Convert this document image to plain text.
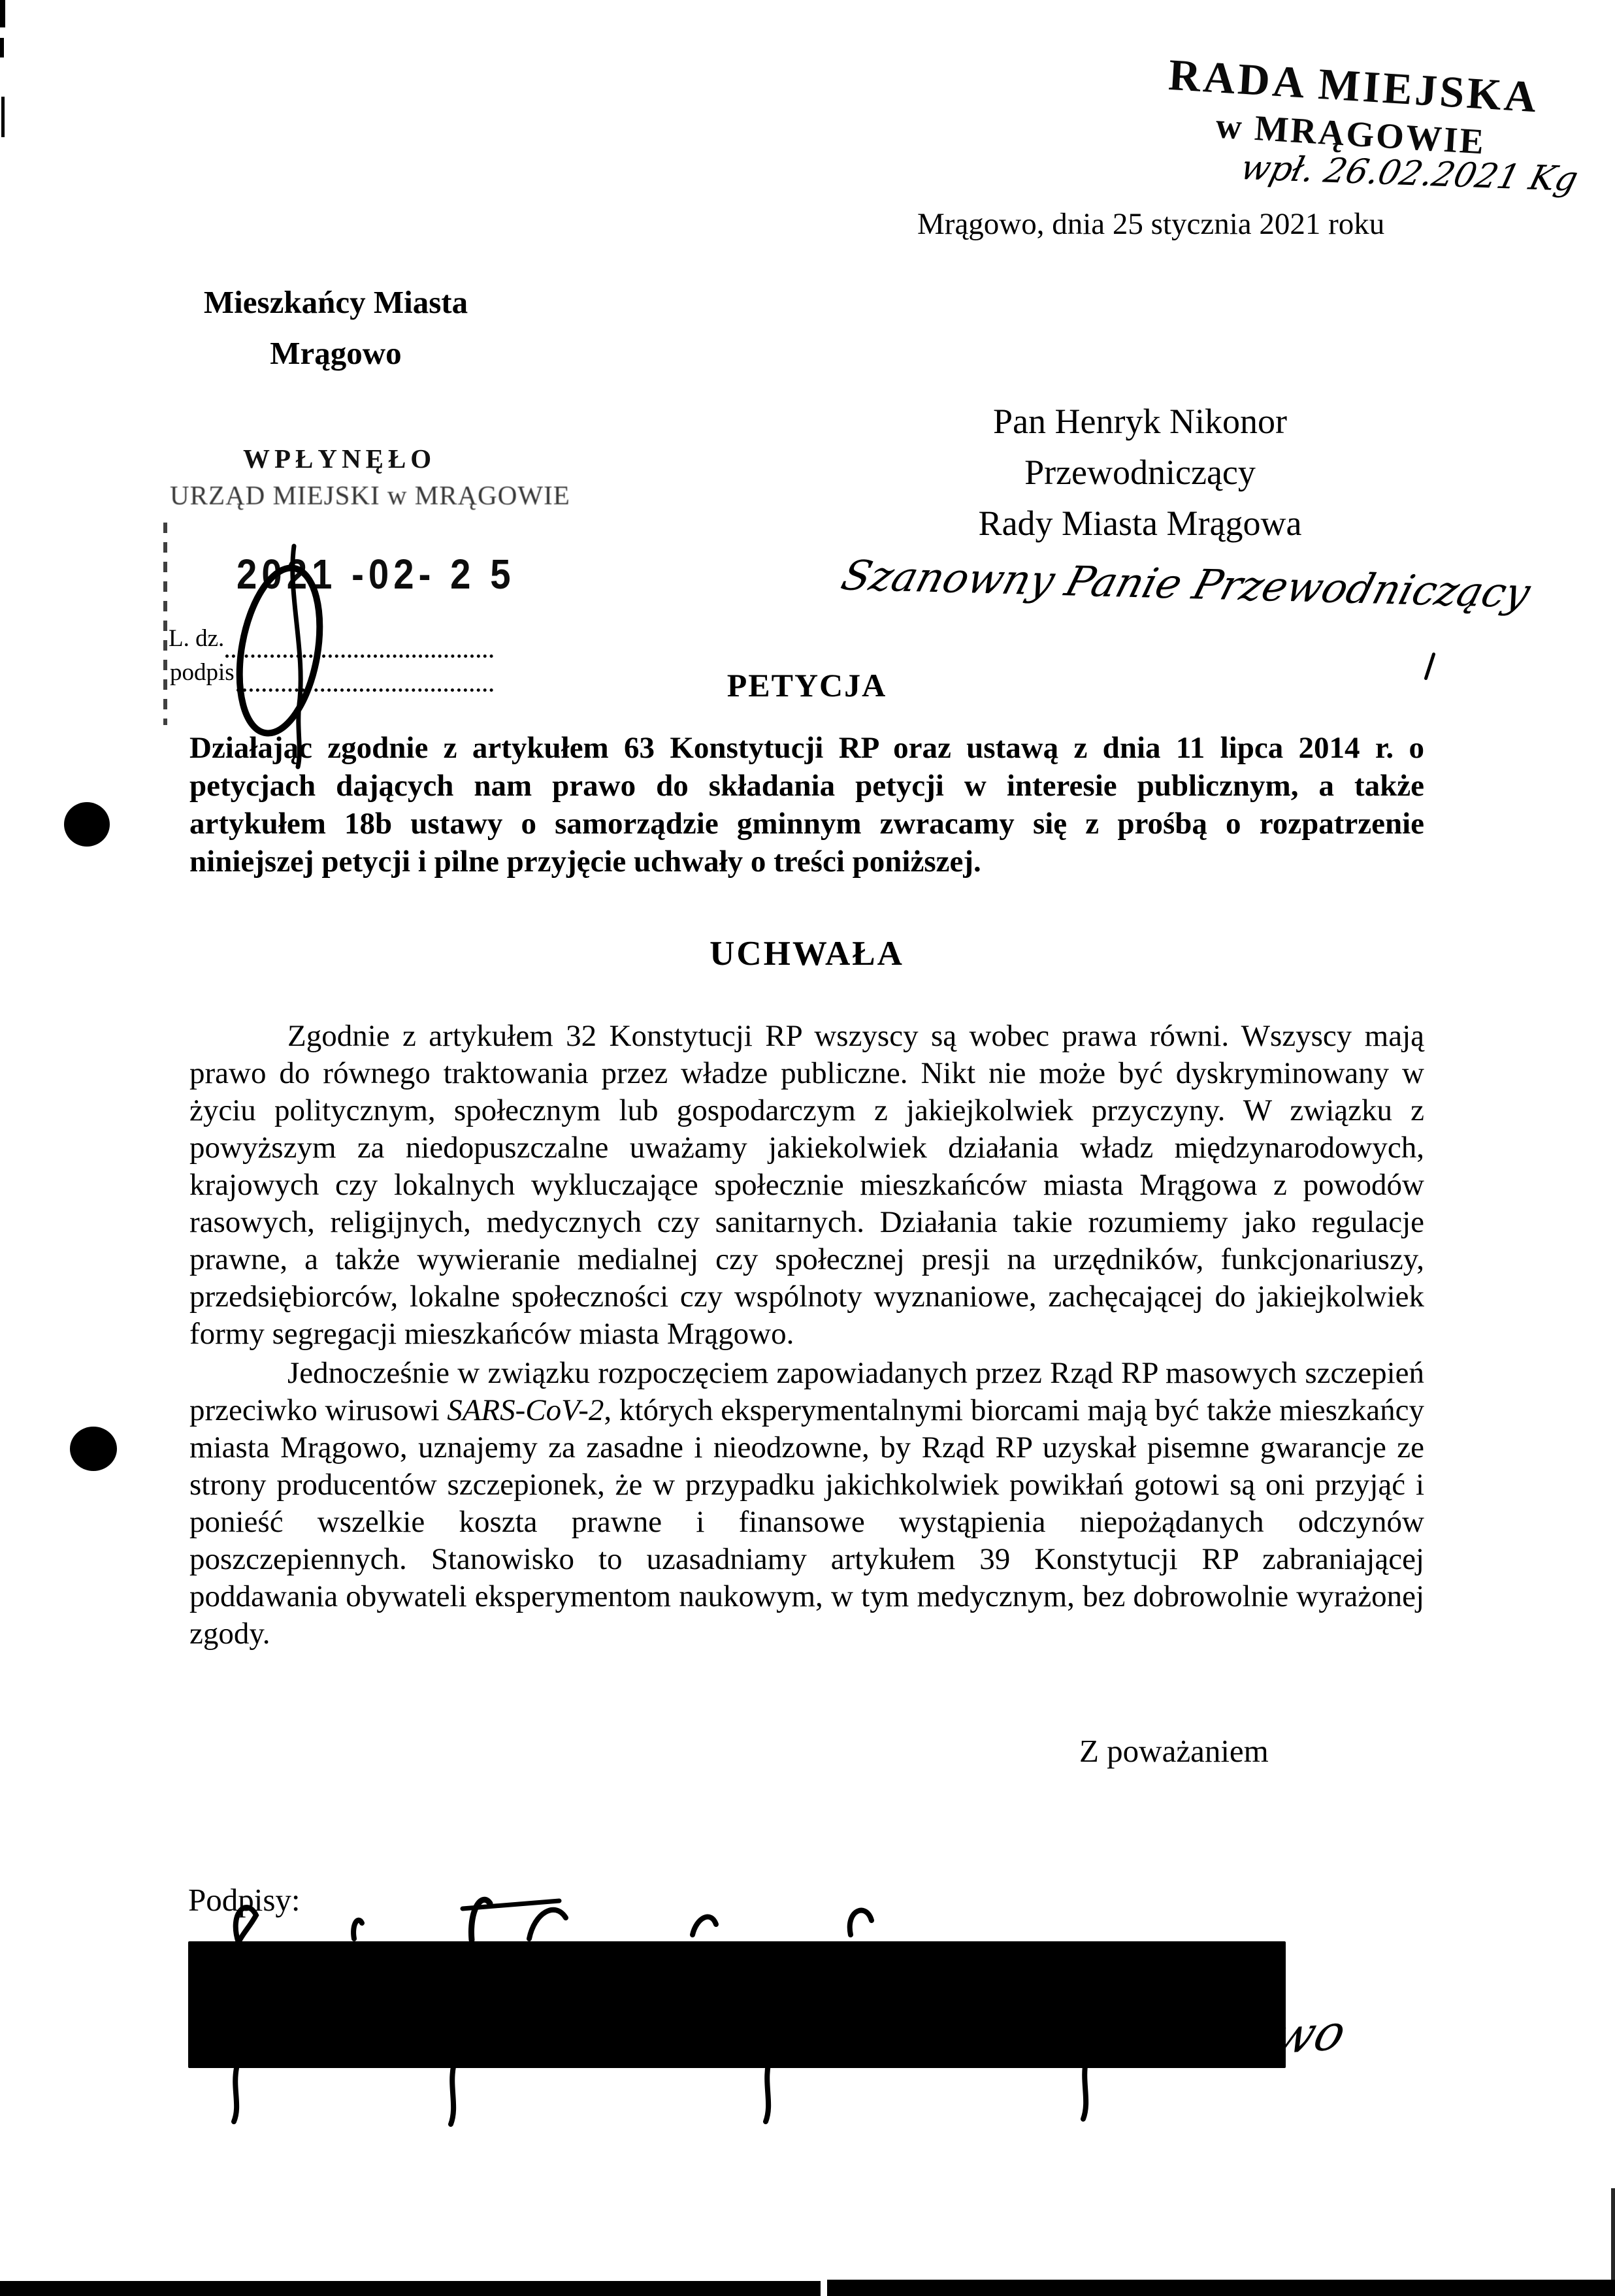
RADA MIEJSKA
w MRĄGOWIE
wpł. 26.02.2021 Kg
Mrągowo, dnia 25 stycznia 2021 roku
Mieszkańcy Miasta
Mrągowo
WPŁYNĘŁO
URZĄD MIEJSKI w MRĄGOWIE
2021 -02- 2 5
L. dz.
podpis
Pan Henryk Nikonor
Przewodniczący
Rady Miasta Mrągowa
Szanowny Panie Przewodniczący
PETYCJA
Działając zgodnie z artykułem 63 Konstytucji RP oraz ustawą z dnia 11 lipca 2014 r. o petycjach dających nam prawo do składania petycji w interesie publicznym, a także artykułem 18b ustawy o samorządzie gminnym zwracamy się z prośbą o rozpatrzenie niniejszej petycji i pilne przyjęcie uchwały o treści poniższej.
UCHWAŁA
Zgodnie z artykułem 32 Konstytucji RP wszyscy są wobec prawa równi. Wszyscy mają prawo do równego traktowania przez władze publiczne. Nikt nie może być dyskryminowany w życiu politycznym, społecznym lub gospodarczym z jakiejkolwiek przyczyny. W związku z powyższym za niedopuszczalne uważamy jakiekolwiek działania władz międzynarodowych, krajowych czy lokalnych wykluczające społecznie mieszkańców miasta Mrągowa z powodów rasowych, religijnych, medycznych czy sanitarnych. Działania takie rozumiemy jako regulacje prawne, a także wywieranie medialnej czy społecznej presji na urzędników, funkcjonariuszy, przedsiębiorców, lokalne społeczności czy wspólnoty wyznaniowe, zachęcającej do jakiejkolwiek formy segregacji mieszkańców miasta Mrągowo.
Jednocześnie w związku rozpoczęciem zapowiadanych przez Rząd RP masowych szczepień przeciwko wirusowi SARS-CoV-2, których eksperymentalnymi biorcami mają być także mieszkańcy miasta Mrągowo, uznajemy za zasadne i nieodzowne, by Rząd RP uzyskał pisemne gwarancje ze strony producentów szczepionek, że w przypadku jakichkolwiek powikłań gotowi są oni przyjąć i ponieść wszelkie koszta prawne i finansowe wystąpienia niepożądanych odczynów poszczepiennych. Stanowisko to uzasadniamy artykułem 39 Konstytucji RP zabraniającej poddawania obywateli eksperymentom naukowym, w tym medycznym, bez dobrowolnie wyrażonej zgody.
Z poważaniem
Podpisy:
wo
